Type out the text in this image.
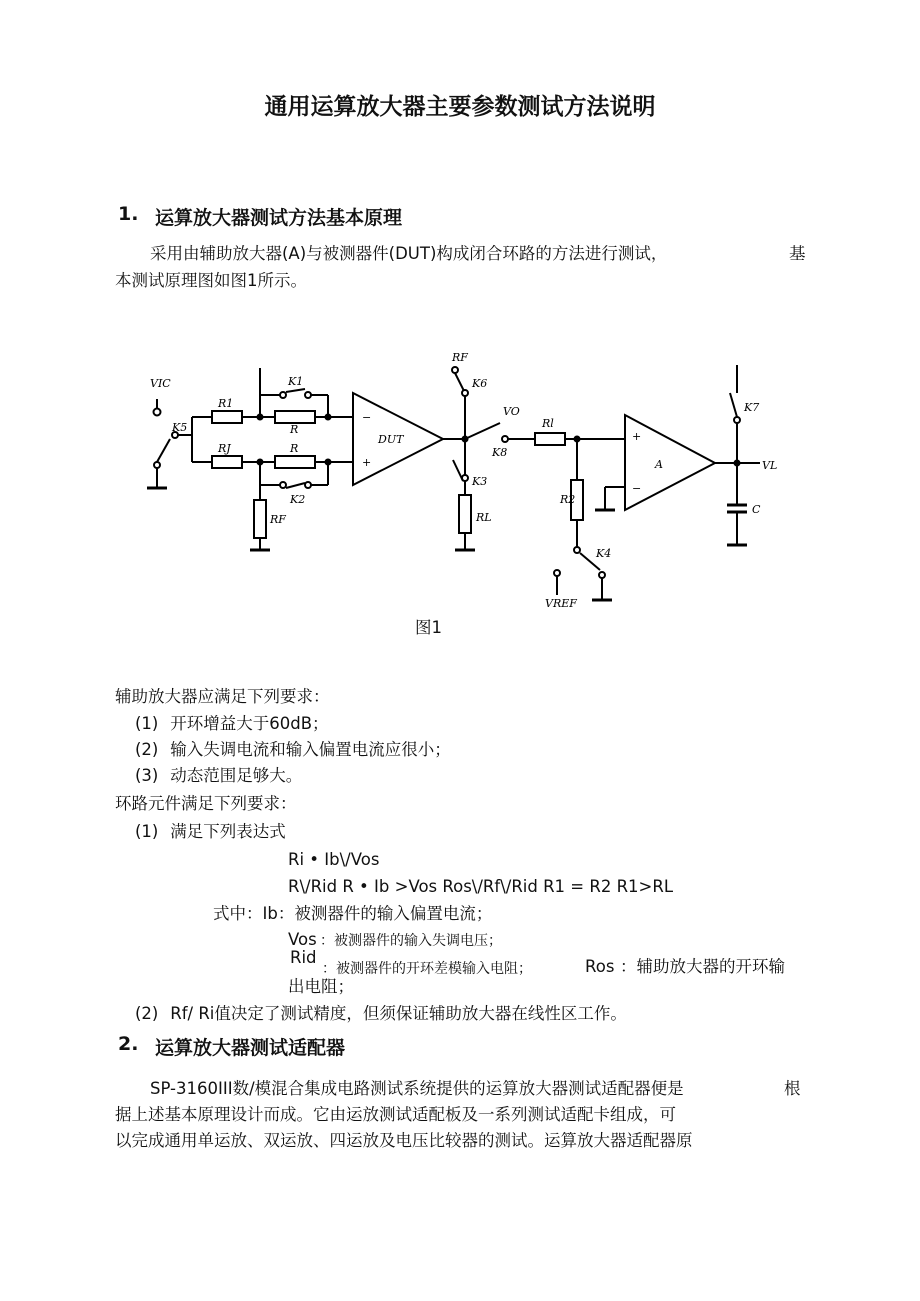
通用运算放大器主要参数测试方法说明
1. 运算放大器测试方法基本原理
采用由辅助放大器(A)与被测器件(DUT)构成闭合环路的方法进行测试，	基
本测试原理图如图1所示。
VIC
K5
R1
RJ
R
R
K1
K2
RF
DUT
−
+
RF
K6
VO
K8
K3
RL
Rl
R2
K4
VREF
A
+
−
K7
VL
C
图1
辅助放大器应满足下列要求：
(1) 开环增益大于60dB；
(2) 输入失调电流和输入偏置电流应很小；
(3) 动态范围足够大。
环路元件满足下列要求：
(1) 满足下列表达式
Ri • Ib\/Vos
R\/Rid R • Ib >Vos Ros\/Rf\/Rid R1 = R2 R1>RL
式中：Ib：被测器件的输入偏置电流；
Vos ：被测器件的输入失调电压；
Rid
：被测器件的开环差模输入电阻；	Ros ：辅助放大器的开环输
出电阻；
(2) Rf/ Ri值决定了测试精度，但须保证辅助放大器在线性区工作。
2. 运算放大器测试适配器
SP-3160III数/模混合集成电路测试系统提供的运算放大器测试适配器便是	根
据上述基本原理设计而成。它由运放测试适配板及一系列测试适配卡组成，可
以完成通用单运放、双运放、四运放及电压比较器的测试。运算放大器适配器原
